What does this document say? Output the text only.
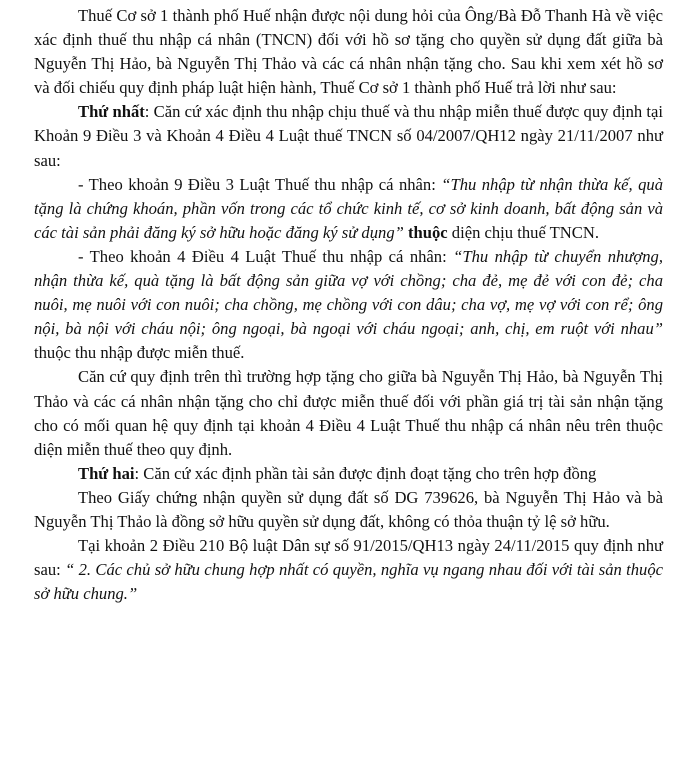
Thuế Cơ sở 1 thành phố Huế nhận được nội dung hỏi của Ông/Bà Đỗ Thanh Hà về việc xác định thuế thu nhập cá nhân (TNCN) đối với hồ sơ tặng cho quyền sử dụng đất giữa bà Nguyễn Thị Hảo, bà Nguyễn Thị Thảo và các cá nhân nhận tặng cho. Sau khi xem xét hồ sơ và đối chiếu quy định pháp luật hiện hành, Thuế Cơ sở 1 thành phố Huế trả lời như sau:

Thứ nhất: Căn cứ xác định thu nhập chịu thuế và thu nhập miễn thuế được quy định tại Khoản 9 Điều 3 và Khoản 4 Điều 4 Luật thuế TNCN số 04/2007/QH12 ngày 21/11/2007 như sau:

- Theo khoản 9 Điều 3 Luật Thuế thu nhập cá nhân: “Thu nhập từ nhận thừa kế, quà tặng là chứng khoán, phần vốn trong các tổ chức kinh tế, cơ sở kinh doanh, bất động sản và các tài sản phải đăng ký sở hữu hoặc đăng ký sử dụng” thuộc diện chịu thuế TNCN.

- Theo khoản 4 Điều 4 Luật Thuế thu nhập cá nhân: “Thu nhập từ chuyển nhượng, nhận thừa kế, quà tặng là bất động sản giữa vợ với chồng; cha đẻ, mẹ đẻ với con đẻ; cha nuôi, mẹ nuôi với con nuôi; cha chồng, mẹ chồng với con dâu; cha vợ, mẹ vợ với con rể; ông nội, bà nội với cháu nội; ông ngoại, bà ngoại với cháu ngoại; anh, chị, em ruột với nhau” thuộc thu nhập được miễn thuế.

Căn cứ quy định trên thì trường hợp tặng cho giữa bà Nguyễn Thị Hảo, bà Nguyễn Thị Thảo và các cá nhân nhận tặng cho chỉ được miễn thuế đối với phần giá trị tài sản nhận tặng cho có mối quan hệ quy định tại khoản 4 Điều 4 Luật Thuế thu nhập cá nhân nêu trên thuộc diện miễn thuế theo quy định.

Thứ hai: Căn cứ xác định phần tài sản được định đoạt tặng cho trên hợp đồng

Theo Giấy chứng nhận quyền sử dụng đất số DG 739626, bà Nguyễn Thị Hảo và bà Nguyễn Thị Thảo là đồng sở hữu quyền sử dụng đất, không có thỏa thuận tỷ lệ sở hữu.

Tại khoản 2 Điều 210 Bộ luật Dân sự số 91/2015/QH13 ngày 24/11/2015 quy định như sau: “ 2. Các chủ sở hữu chung hợp nhất có quyền, nghĩa vụ ngang nhau đối với tài sản thuộc sở hữu chung.”
